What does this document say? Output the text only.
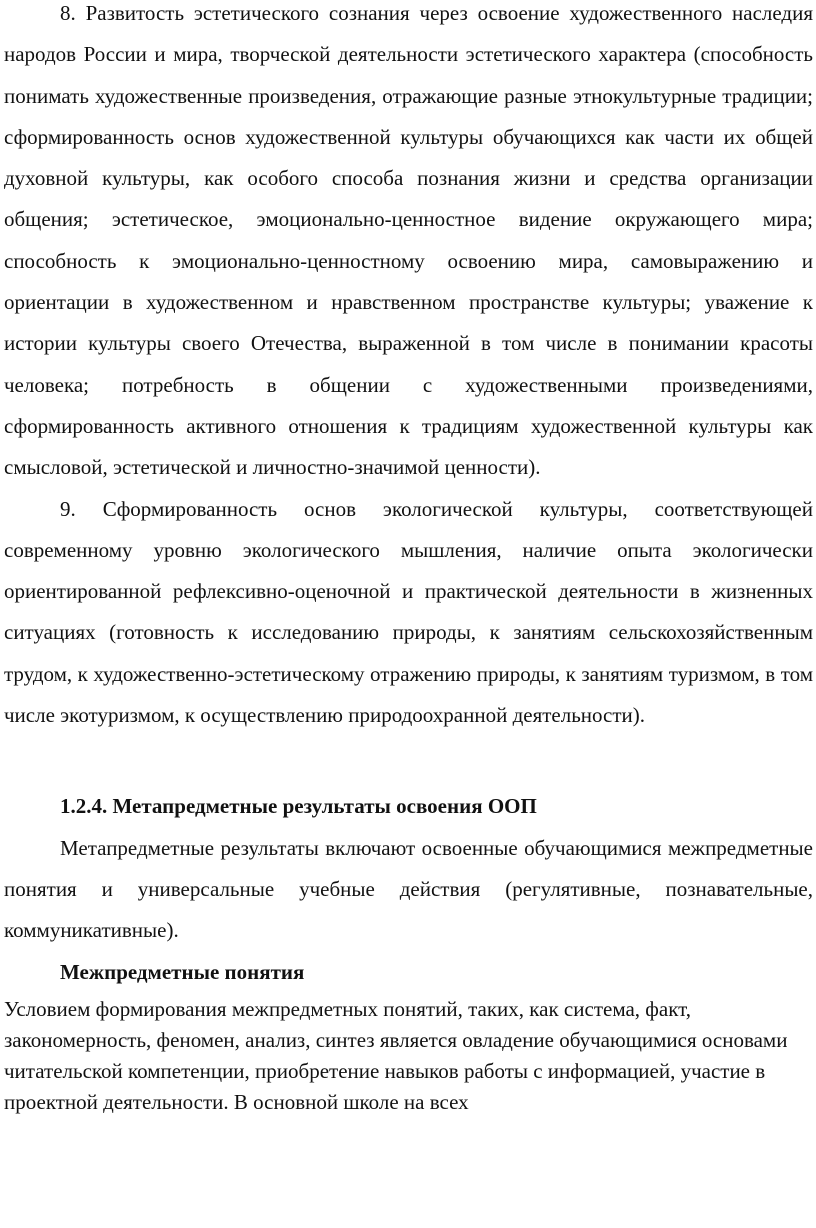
8. Развитость эстетического сознания через освоение художественного наследия народов России и мира, творческой деятельности эстетического характера (способность понимать художественные произведения, отражающие разные этнокультурные традиции; сформированность основ художественной культуры обучающихся как части их общей духовной культуры, как особого способа познания жизни и средства организации общения; эстетическое, эмоционально-ценностное видение окружающего мира; способность к эмоционально-ценностному освоению мира, самовыражению и ориентации в художественном и нравственном пространстве культуры; уважение к истории культуры своего Отечества, выраженной в том числе в понимании красоты человека; потребность в общении с художественными произведениями, сформированность активного отношения к традициям художественной культуры как смысловой, эстетической и личностно-значимой ценности).

9. Сформированность основ экологической культуры, соответствующей современному уровню экологического мышления, наличие опыта экологически ориентированной рефлексивно-оценочной и практической деятельности в жизненных ситуациях (готовность к исследованию природы, к занятиям сельскохозяйственным трудом, к художественно-эстетическому отражению природы, к занятиям туризмом, в том числе экотуризмом, к осуществлению природоохранной деятельности).

1.2.4. Метапредметные результаты освоения ООП

Метапредметные результаты включают освоенные обучающимися межпредметные понятия и универсальные учебные действия (регулятивные, познавательные, коммуникативные).

Межпредметные понятия

Условием формирования межпредметных понятий, таких, как система, факт, закономерность, феномен, анализ, синтез является овладение обучающимися основами читательской компетенции, приобретение навыков работы с информацией, участие в проектной деятельности. В основной школе на всех
